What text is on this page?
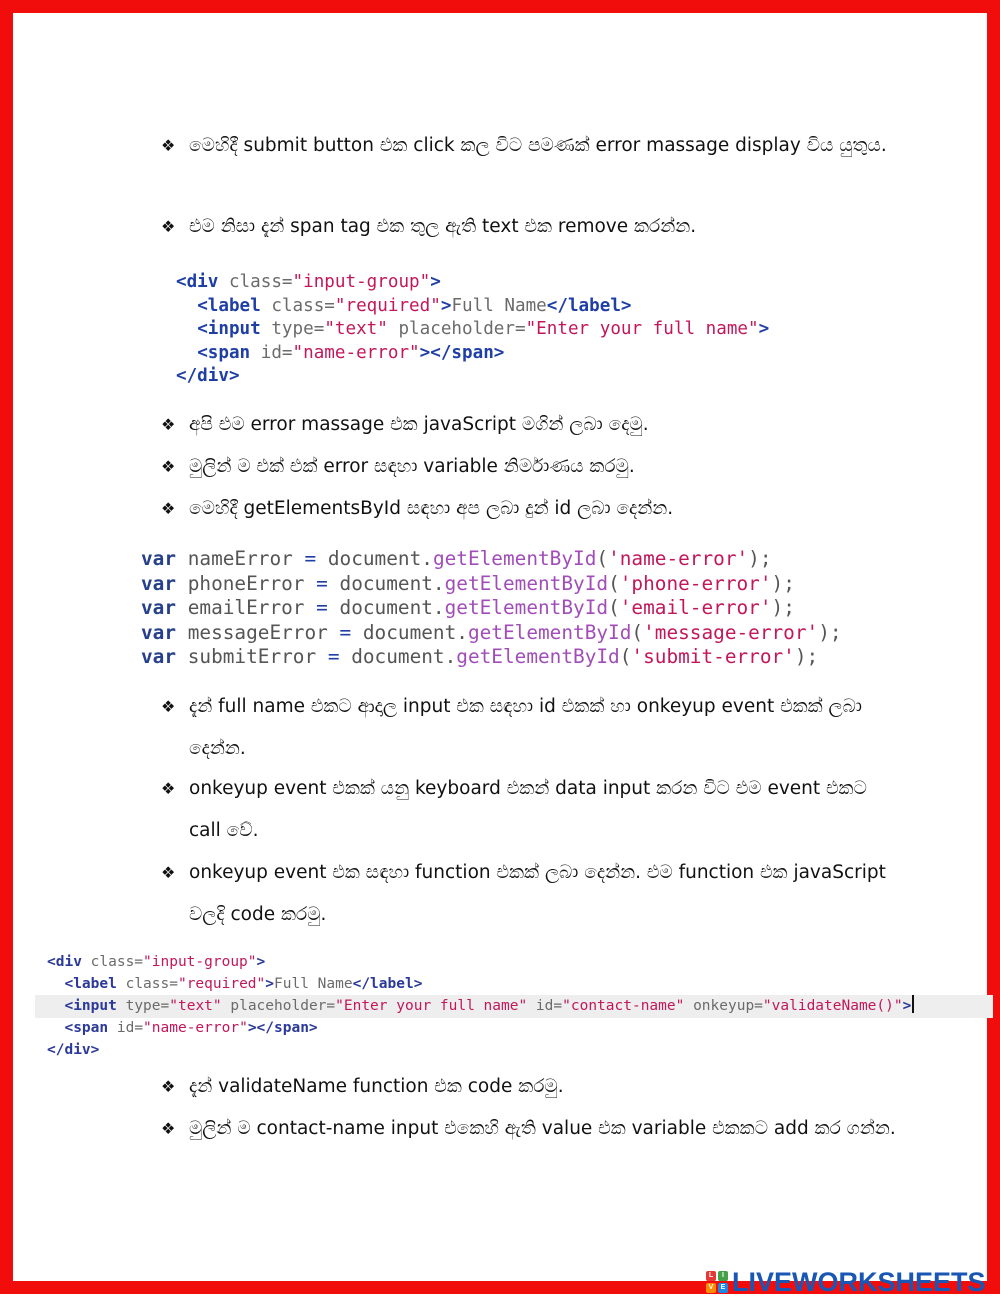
❖ මෙහිදී submit button එක click කල විට පමණක් error massage display විය යුතුය.
❖ එම නිසා දැන් span tag එක තුල ඇති text එක remove කරන්න.
<div class="input-group">
<label class="required">Full Name</label>
<input type="text" placeholder="Enter your full name">
<span id="name-error"></span>
</div>
❖ අපි එම error massage එක javaScript මගින් ලබා දෙමු.
❖ මුලින් ම එක් එක් error සඳහා variable නිර්මාණය කරමු.
❖ මෙහිදී getElementsById සඳහා අප ලබා දුන් id ලබා දෙන්න.
var nameError = document.getElementById('name-error');
var phoneError = document.getElementById('phone-error');
var emailError = document.getElementById('email-error');
var messageError = document.getElementById('message-error');
var submitError = document.getElementById('submit-error');
❖ දැන් full name එකට ආදාල input එක සඳහා id එකක් හා onkeyup event එකක් ලබා දෙන්න.
❖ onkeyup event එකක් යනු keyboard එකන් data input කරන විට එම event එකට call වේ.
❖ onkeyup event එක සඳහා function එකක් ලබා දෙන්න. එම function එක javaScript වලදි code කරමු.
<div class="input-group">
<label class="required">Full Name</label>
<input type="text" placeholder="Enter your full name" id="contact-name" onkeyup="validateName()">
<span id="name-error"></span>
</div>
❖ දැන් validateName function එක code කරමු.
❖ මුලින් ම contact-name input එකෙහි ඇති value එක variable එකකට add කර ගන්න.
L	I
V	E LIVEWORKSHEETS
